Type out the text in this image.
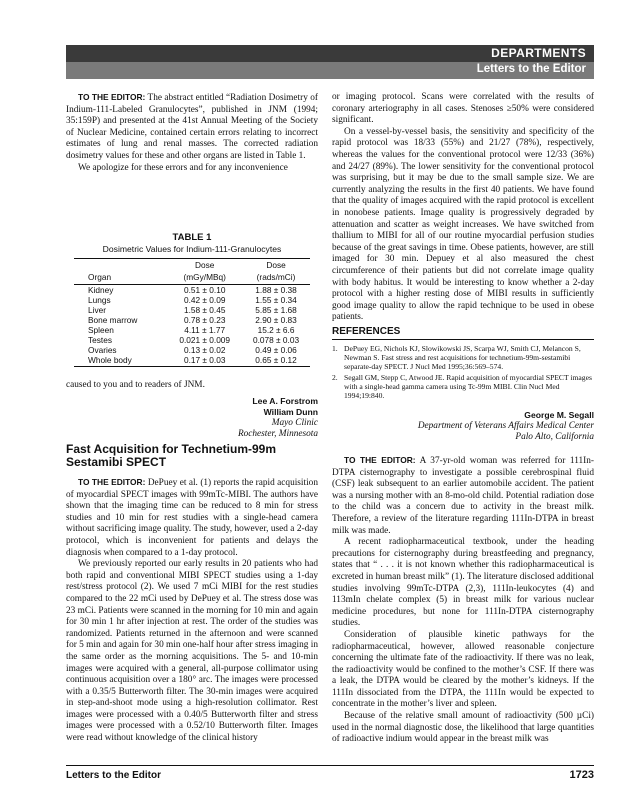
DEPARTMENTS
Letters to the Editor

TO THE EDITOR: The abstract entitled “Radiation Dosimetry of Indium-111-Labeled Granulocytes”, published in JNM (1994; 35:159P) and presented at the 41st Annual Meeting of the Society of Nuclear Medicine, contained certain errors relating to incorrect estimates of lung and renal masses. The corrected radiation dosimetry values for these and other organs are listed in Table 1.

We apologize for these errors and for any inconvenience

TABLE 1
Dosimetric Values for Indium-111-Granulocytes
	Dose	Dose
Organ	(mGy/MBq)	(rads/mCi)
Kidney	0.51 ± 0.10	1.88 ± 0.38
Lungs	0.42 ± 0.09	1.55 ± 0.34
Liver	1.58 ± 0.45	5.85 ± 1.68
Bone marrow	0.78 ± 0.23	2.90 ± 0.83
Spleen	4.11 ± 1.77	15.2 ± 6.6
Testes	0.021 ± 0.009	0.078 ± 0.03
Ovaries	0.13 ± 0.02	0.49 ± 0.06
Whole body	0.17 ± 0.03	0.65 ± 0.12

caused to you and to readers of JNM.

Lee A. Forstrom
William Dunn
Mayo Clinic
Rochester, Minnesota
Fast Acquisition for Technetium-99m Sestamibi SPECT

TO THE EDITOR: DePuey et al. (1) reports the rapid acquisition of myocardial SPECT images with 99mTc-MIBI. The authors have shown that the imaging time can be reduced to 8 min for stress studies and 10 min for rest studies with a single-head camera without sacrificing image quality. The study, however, used a 2-day protocol, which is inconvenient for patients and delays the diagnosis when compared to a 1-day protocol.

We previously reported our early results in 20 patients who had both rapid and conventional MIBI SPECT studies using a 1-day rest/stress protocol (2). We used 7 mCi MIBI for the rest studies compared to the 22 mCi used by DePuey et al. The stress dose was 23 mCi. Patients were scanned in the morning for 10 min and again for 30 min 1 hr after injection at rest. The order of the studies was randomized. Patients returned in the afternoon and were scanned for 5 min and again for 30 min one-half hour after stress imaging in the same order as the morning acquisitions. The 5- and 10-min images were acquired with a general, all-purpose collimator using continuous acquisition over a 180° arc. The images were processed with a 0.35/5 Butterworth filter. The 30-min images were acquired in step-and-shoot mode using a high-resolution collimator. Rest images were processed with a 0.40/5 Butterworth filter and stress images were processed with a 0.52/10 Butterworth filter. Images were read without knowledge of the clinical history

or imaging protocol. Scans were correlated with the results of coronary arteriography in all cases. Stenoses ≥50% were considered significant.

On a vessel-by-vessel basis, the sensitivity and specificity of the rapid protocol was 18/33 (55%) and 21/27 (78%), respectively, whereas the values for the conventional protocol were 12/33 (36%) and 24/27 (89%). The lower sensitivity for the conventional protocol was surprising, but it may be due to the small sample size. We are currently analyzing the results in the first 40 patients. We have found that the quality of images acquired with the rapid protocol is excellent in nonobese patients. Image quality is progressively degraded by attenuation and scatter as weight increases. We have switched from thallium to MIBI for all of our routine myocardial perfusion studies because of the great savings in time. Obese patients, however, are still imaged for 30 min. Depuey et al also measured the chest circumference of their patients but did not correlate image quality with body habitus. It would be interesting to know whether a 2-day protocol with a higher resting dose of MIBI results in sufficiently good image quality to allow the rapid technique to be used in obese patients.

REFERENCES
1. DePuey EG, Nichols KJ, Slowikowski JS, Scarpa WJ, Smith CJ, Melancon S, Newman S. Fast stress and rest acquisitions for technetium-99m-sestamibi separate-day SPECT. J Nucl Med 1995;36:569–574.
2. Segall GM, Stepp C, Atwood JE. Rapid acquisition of myocardial SPECT images with a single-head gamma camera using Tc-99m MIBI. Clin Nucl Med 1994;19:840.
George M. Segall
Department of Veterans Affairs Medical Center
Palo Alto, California

TO THE EDITOR: A 37-yr-old woman was referred for 111In-DTPA cisternography to investigate a possible cerebrospinal fluid (CSF) leak subsequent to an earlier automobile accident. The patient was a nursing mother with an 8-mo-old child. Potential radiation dose to the child was a concern due to activity in the breast milk. Therefore, a review of the literature regarding 111In-DTPA in breast milk was made.

A recent radiopharmaceutical textbook, under the heading precautions for cisternography during breastfeeding and pregnancy, states that “ . . . it is not known whether this radiopharmaceutical is excreted in human breast milk” (1). The literature disclosed additional studies involving 99mTc-DTPA (2,3), 111In-leukocytes (4) and 113mIn chelate complex (5) in breast milk for various nuclear medicine procedures, but none for 111In-DTPA cisternography studies.

Consideration of plausible kinetic pathways for the radiopharmaceutical, however, allowed reasonable conjecture concerning the ultimate fate of the radioactivity. If there was no leak, the radioactivity would be confined to the mother’s CSF. If there was a leak, the DTPA would be cleared by the mother’s kidneys. If the 111In dissociated from the DTPA, the 111In would be expected to concentrate in the mother’s liver and spleen.

Because of the relative small amount of radioactivity (500 µCi) used in the normal diagnostic dose, the likelihood that large quantities of radioactive indium would appear in the breast milk was

Letters to the Editor	1723
